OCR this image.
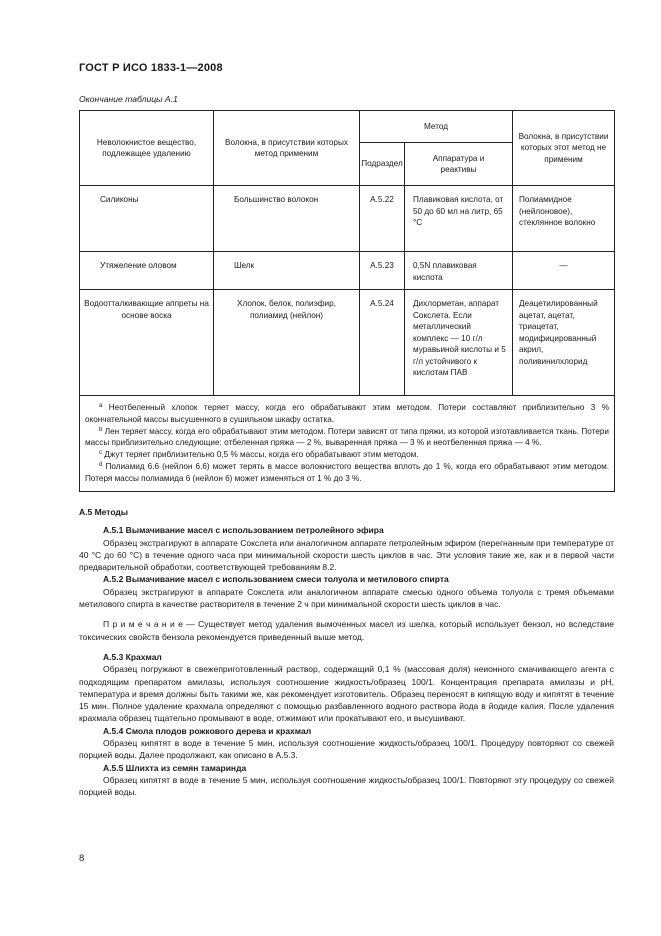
ГОСТ Р ИСО 1833-1—2008
Окончание таблицы А.1
Неволокнистое вещество, подлежащее удалению	Волокна, в присутствии которых метод применим	Метод		Волокна, в присутствии которых этот метод не применим

		Подраздел	Аппаратура и реактивы	

Силиконы	Большинство волокон	А.5.22	Плавиковая кислота, от 50 до 60 мл на литр, 65 °С	Полиамидное (нейлоновое), стеклянное волокно

Утяжеление оловом	Шелк	А.5.23	0,5N плавиковая кислота	—

Водоотталкивающие аппреты на основе воска	Хлопок, белок, полиэфир, полиамид (нейлон)	А.5.24	Дихлорметан, аппарат Сокслета. Если металлический комплекс — 10 г/л муравьиной кислоты и 5 г/л устойчивого к кислотам ПАВ	Деацетилированный ацетат, ацетат, триацетат, модифицированный акрил, поливинилхлорид

$^a$ Неотбеленный хлопок теряет массу, когда его обрабатывают этим методом. Потери составляют приблизительно 3 % окончательной массы высушенного в сушильном шкафу остатка.

$^b$ Лен теряет массу, когда его обрабатывают этим методом. Потери зависят от типа пряжи, из которой изготавливается ткань. Потери массы приблизительно следующие: отбеленная пряжа — 2 %, вываренная пряжа — 3 % и неотбеленная пряжа — 4 %.

$^c$ Джут теряет приблизительно 0,5 % массы, когда его обрабатывают этим методом.

$^d$ Полиамид 6.6 (нейлон 6.6) может терять в массе волокнистого вещества вплоть до 1 %, когда его обрабатывают этим методом. Потеря массы полиамида 6 (нейлон 6) может изменяться от 1 % до 3 %.				

А.5 Методы

А.5.1 Вымачивание масел с использованием петролейного эфира

Образец экстрагируют в аппарате Сокслета или аналогичном аппарате петролейным эфиром (перегнанным при температуре от 40 °С до 60 °С) в течение одного часа при минимальной скорости шесть циклов в час. Эти условия такие же, как и в первой части предварительной обработки, соответствующей требованиям 8.2.

А.5.2 Вымачивание масел с использованием смеси толуола и метилового спирта

Образец экстрагируют в аппарате Сокслета или аналогичном аппарате смесью одного объема толуола с тремя объемами метилового спирта в качестве растворителя в течение 2 ч при минимальной скорости шесть циклов в час.

П р и м е ч а н и е — Существует метод удаления вымоченных масел из шелка, который использует бензол, но вследствие токсических свойств бензола рекомендуется приведенный выше метод.

А.5.3 Крахмал

Образец погружают в свежеприготовленный раствор, содержащий 0,1 % (массовая доля) неионного смачивающего агента с подходящим препаратом амилазы, используя соотношение жидкость/образец 100/1. Концентрация препарата амилазы и рН, температура и время должны быть такими же, как рекомендует изготовитель. Образец переносят в кипящую воду и кипятят в течение 15 мин. Полное удаление крахмала определяют с помощью разбавленного водного раствора йода в йодиде калия. После удаления крахмала образец тщательно промывают в воде, отжимают или прокатывают его, и высушивают.

А.5.4 Смола плодов рожкового дерева и крахмал

Образец кипятят в воде в течение 5 мин, используя соотношение жидкость/образец 100/1. Процедуру повторяют со свежей порцией воды. Далее продолжают, как описано в А.5.3.

А.5.5 Шлихта из семян тамаринда

Образец кипятят в воде в течение 5 мин, используя соотношение жидкость/образец 100/1. Повторяют эту процедуру со свежей порцией воды.

8
